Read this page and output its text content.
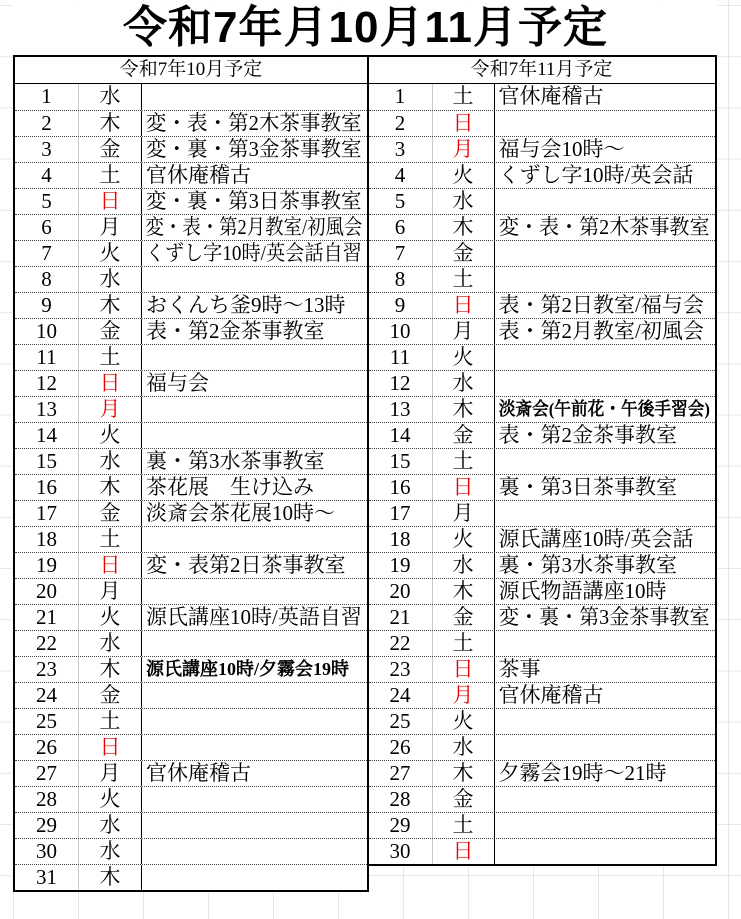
令和7年月10月11月予定
令和7年10月予定
1	水
2	木	変・表・第2木茶事教室
3	金	変・裏・第3金茶事教室
4	土	官休庵稽古
5	日	変・裏・第3日茶事教室
6	月	変・表・第2月教室/初風会
7	火	くずし字10時/英会話自習
8	水
9	木	おくんち釜9時〜13時
10	金	表・第2金茶事教室
11	土
12	日	福与会
13	月
14	火
15	水	裏・第3水茶事教室
16	木	茶花展　生け込み
17	金	淡斎会茶花展10時〜
18	土
19	日	変・表第2日茶事教室
20	月
21	火	源氏講座10時/英語自習
22	水
23	木	源氏講座10時/夕霧会19時
24	金
25	土
26	日
27	月	官休庵稽古
28	火
29	水
30	水
31	木
令和7年11月予定
1	土	官休庵稽古
2	日
3	月	福与会10時〜
4	火	くずし字10時/英会話
5	水
6	木	変・表・第2木茶事教室
7	金
8	土
9	日	表・第2日教室/福与会
10	月	表・第2月教室/初風会
11	火
12	水
13	木	淡斎会(午前花・午後手習会)
14	金	表・第2金茶事教室
15	土
16	日	裏・第3日茶事教室
17	月
18	火	源氏講座10時/英会話
19	水	裏・第3水茶事教室
20	木	源氏物語講座10時
21	金	変・裏・第3金茶事教室
22	土
23	日	茶事
24	月	官休庵稽古
25	火
26	水
27	木	夕霧会19時〜21時
28	金
29	土
30	日
